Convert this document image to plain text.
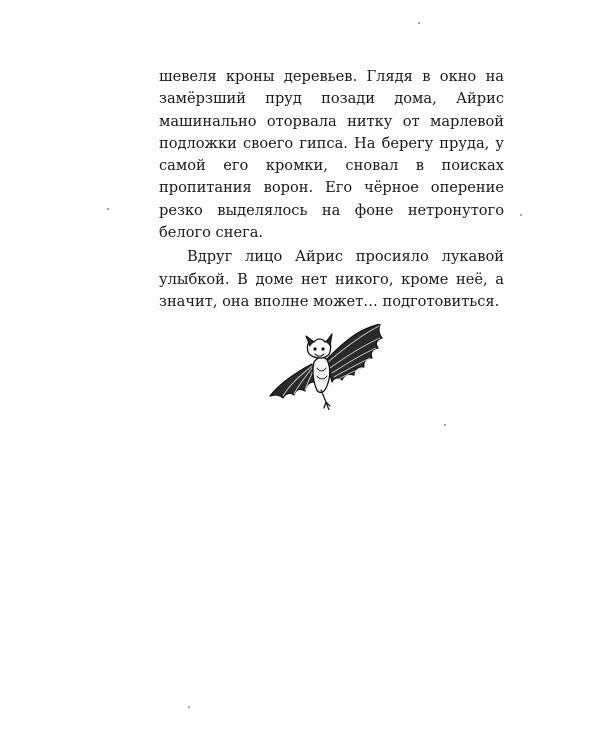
шевеля кроны деревьев. Глядя в окно на замёрзший пруд позади дома, Айрис машинально оторвала нитку от марлевой подложки своего гипса. На берегу пруда, у самой его кромки, сновал в поисках пропитания ворон. Его чёрное оперение резко выделялось на фоне нетронутого белого снега.

Вдруг лицо Айрис просияло лукавой улыбкой. В доме нет никого, кроме неё, а значит, она вполне может… подготовиться.
